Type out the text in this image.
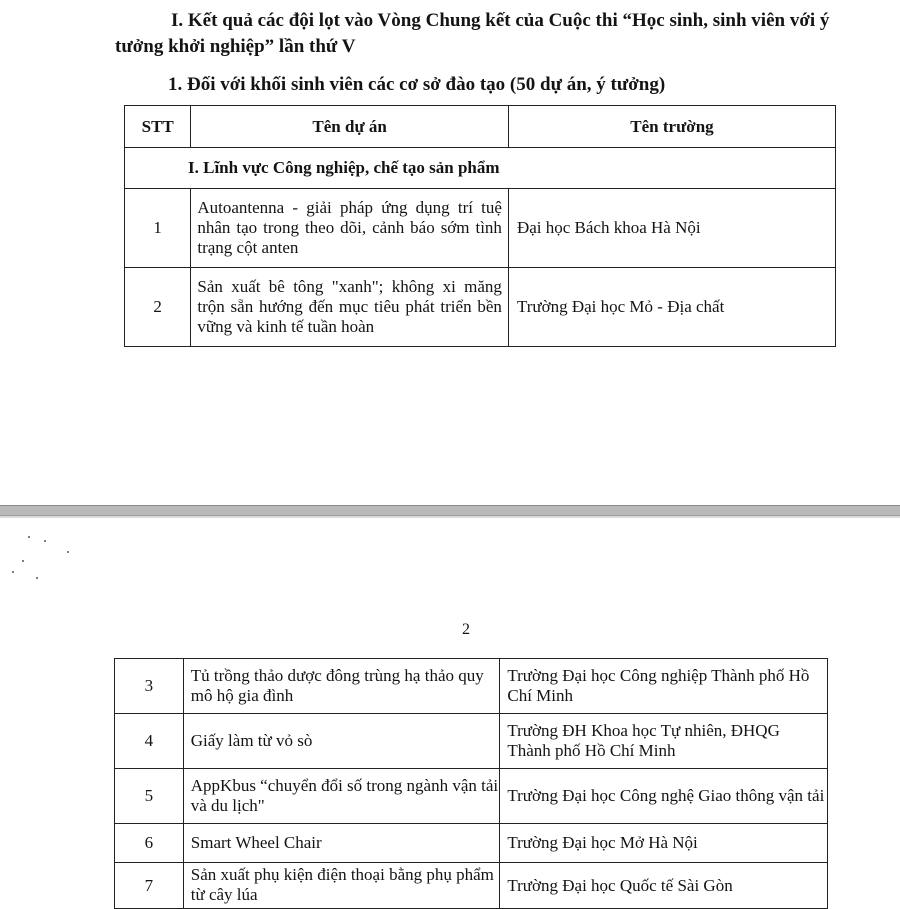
I. Kết quả các đội lọt vào Vòng Chung kết của Cuộc thi “Học sinh, sinh viên với ý tưởng khởi nghiệp” lần thứ V
1. Đối với khối sinh viên các cơ sở đào tạo (50 dự án, ý tưởng)
STT	Tên dự án	Tên trường
I. Lĩnh vực Công nghiệp, chế tạo sản phẩm		
1	Autoantenna - giải pháp ứng dụng trí tuệ nhân tạo trong theo dõi, cảnh báo sớm tình trạng cột anten	Đại học Bách khoa Hà Nội
2	Sản xuất bê tông "xanh"; không xi măng trộn sẵn hướng đến mục tiêu phát triển bền vững và kinh tế tuần hoàn	Trường Đại học Mỏ - Địa chất
2
3	Tủ trồng thảo dược đông trùng hạ thảo quy mô hộ gia đình	Trường Đại học Công nghiệp Thành phố Hồ Chí Minh
4	Giấy làm từ vỏ sò	Trường ĐH Khoa học Tự nhiên, ĐHQG Thành phố Hồ Chí Minh
5	AppKbus “chuyển đổi số trong ngành vận tải và du lịch"	Trường Đại học Công nghệ Giao thông vận tải
6	Smart Wheel Chair	Trường Đại học Mở Hà Nội
7	Sản xuất phụ kiện điện thoại bằng phụ phẩm từ cây lúa	Trường Đại học Quốc tế Sài Gòn
